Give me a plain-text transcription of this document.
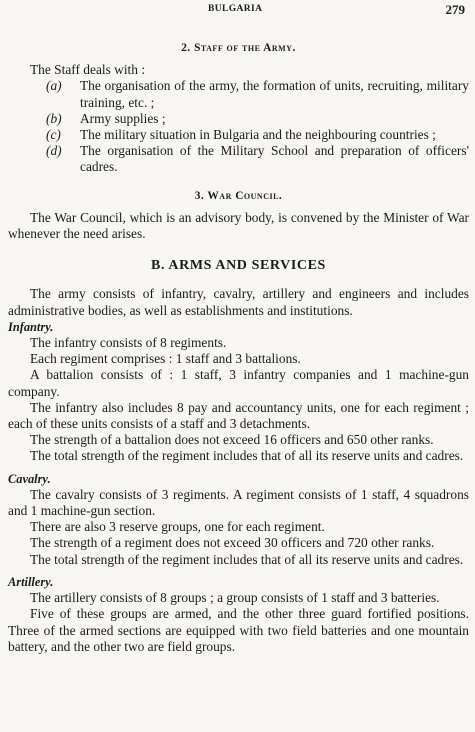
BULGARIA	279
2. Staff of the Army.

The Staff deals with :

(a)	The organisation of the army, the formation of units, recruiting, military training, etc. ;
(b)	Army supplies ;
(c)	The military situation in Bulgaria and the neighbouring countries ;
(d)	The organisation of the Military School and preparation of officers' cadres.
3. War Council.

The War Council, which is an advisory body, is convened by the Minister of War whenever the need arises.

B. ARMS AND SERVICES

The army consists of infantry, cavalry, artillery and engineers and includes administrative bodies, as well as establishments and institutions.

Infantry.

The infantry consists of 8 regiments.

Each regiment comprises : 1 staff and 3 battalions.

A battalion consists of : 1 staff, 3 infantry companies and 1 machine-gun company.

The infantry also includes 8 pay and accountancy units, one for each regiment ; each of these units consists of a staff and 3 detachments.

The strength of a battalion does not exceed 16 officers and 650 other ranks.

The total strength of the regiment includes that of all its reserve units and cadres.

Cavalry.

The cavalry consists of 3 regiments. A regiment consists of 1 staff, 4 squadrons and 1 machine-gun section.

There are also 3 reserve groups, one for each regiment.

The strength of a regiment does not exceed 30 officers and 720 other ranks.

The total strength of the regiment includes that of all its reserve units and cadres.

Artillery.

The artillery consists of 8 groups ; a group consists of 1 staff and 3 batteries.

Five of these groups are armed, and the other three guard fortified positions. Three of the armed sections are equipped with two field batteries and one mountain battery, and the other two are field groups.
